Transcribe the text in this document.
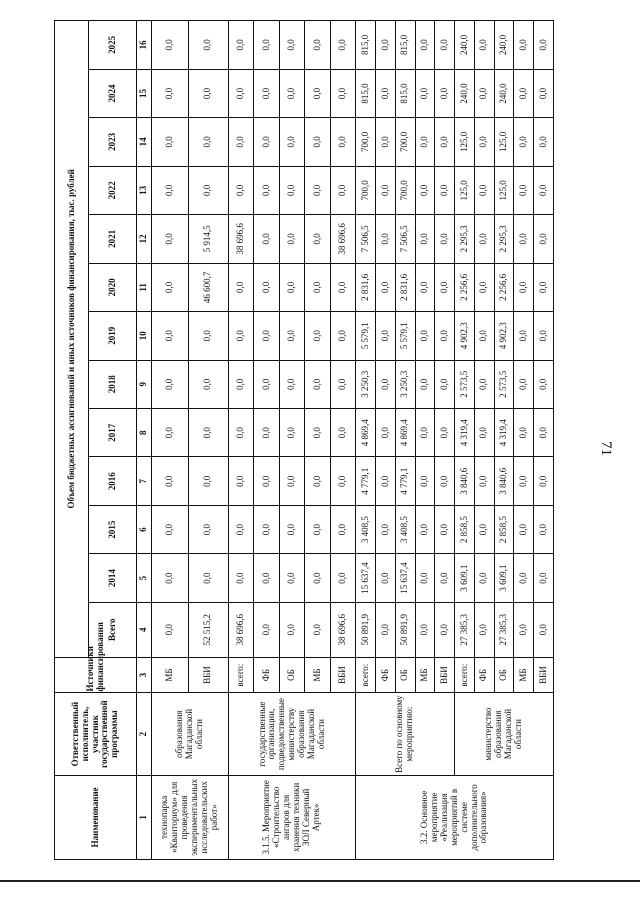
71
Наименование	Ответственный исполнитель, участник государственной программы	Источники финансирования	Объем бюджетных ассигнований и иных источников финансирования, тыс. рублей												
			Всего	2014	2015	2016	2017	2018	2019	2020	2021	2022	2023	2024	2025
1	2	3	4	5	6	7	8	9	10	11	12	13	14	15	16
технопарка «Кванториум» для проведения экспериментальных исследовательских работ»	образования Магаданской области	МБ	0,0	0,0	0,0	0,0	0,0	0,0	0,0	0,0	0,0	0,0	0,0	0,0	0,0
		ВБИ	52 515,2	0,0	0,0	0,0	0,0	0,0	0,0	46 600,7	5 914,5	0,0	0,0	0,0	0,0
3.1.5. Мероприятие «Строительство ангаров для хранения техники ЗОЛ Северный Артек»	государственные организации, подведомственные министерству образования Магаданской области	всего:	38 696,6	0,0	0,0	0,0	0,0	0,0	0,0	0,0	38 696,6	0,0	0,0	0,0	0,0
		ФБ	0,0	0,0	0,0	0,0	0,0	0,0	0,0	0,0	0,0	0,0	0,0	0,0	0,0
		ОБ	0,0	0,0	0,0	0,0	0,0	0,0	0,0	0,0	0,0	0,0	0,0	0,0	0,0
		МБ	0,0	0,0	0,0	0,0	0,0	0,0	0,0	0,0	0,0	0,0	0,0	0,0	0,0
		ВБИ	38 696,6	0,0	0,0	0,0	0,0	0,0	0,0	0,0	38 696,6	0,0	0,0	0,0	0,0
3.2. Основное мероприятие «Реализация мероприятий в системе дополнительного образования»	Всего по основному мероприятию:	всего:	50 891,9	15 637,4	3 408,5	4 779,1	4 869,4	3 250,3	5 579,1	2 831,6	7 506,5	700,0	700,0	815,0	815,0
		ФБ	0,0	0,0	0,0	0,0	0,0	0,0	0,0	0,0	0,0	0,0	0,0	0,0	0,0
		ОБ	50 891,9	15 637,4	3 408,5	4 779,1	4 869,4	3 250,3	5 579,1	2 831,6	7 506,5	700,0	700,0	815,0	815,0
		МБ	0,0	0,0	0,0	0,0	0,0	0,0	0,0	0,0	0,0	0,0	0,0	0,0	0,0
		ВБИ	0,0	0,0	0,0	0,0	0,0	0,0	0,0	0,0	0,0	0,0	0,0	0,0	0,0
	министерство образования Магаданской области	всего:	27 385,3	3 609,1	2 858,5	3 840,6	4 319,4	2 573,5	4 902,3	2 256,6	2 295,3	125,0	125,0	240,0	240,0
		ФБ	0,0	0,0	0,0	0,0	0,0	0,0	0,0	0,0	0,0	0,0	0,0	0,0	0,0
		ОБ	27 385,3	3 609,1	2 858,5	3 840,6	4 319,4	2 573,5	4 902,3	2 256,6	2 295,3	125,0	125,0	240,0	240,0
		МБ	0,0	0,0	0,0	0,0	0,0	0,0	0,0	0,0	0,0	0,0	0,0	0,0	0,0
		ВБИ	0,0	0,0	0,0	0,0	0,0	0,0	0,0	0,0	0,0	0,0	0,0	0,0	0,0
